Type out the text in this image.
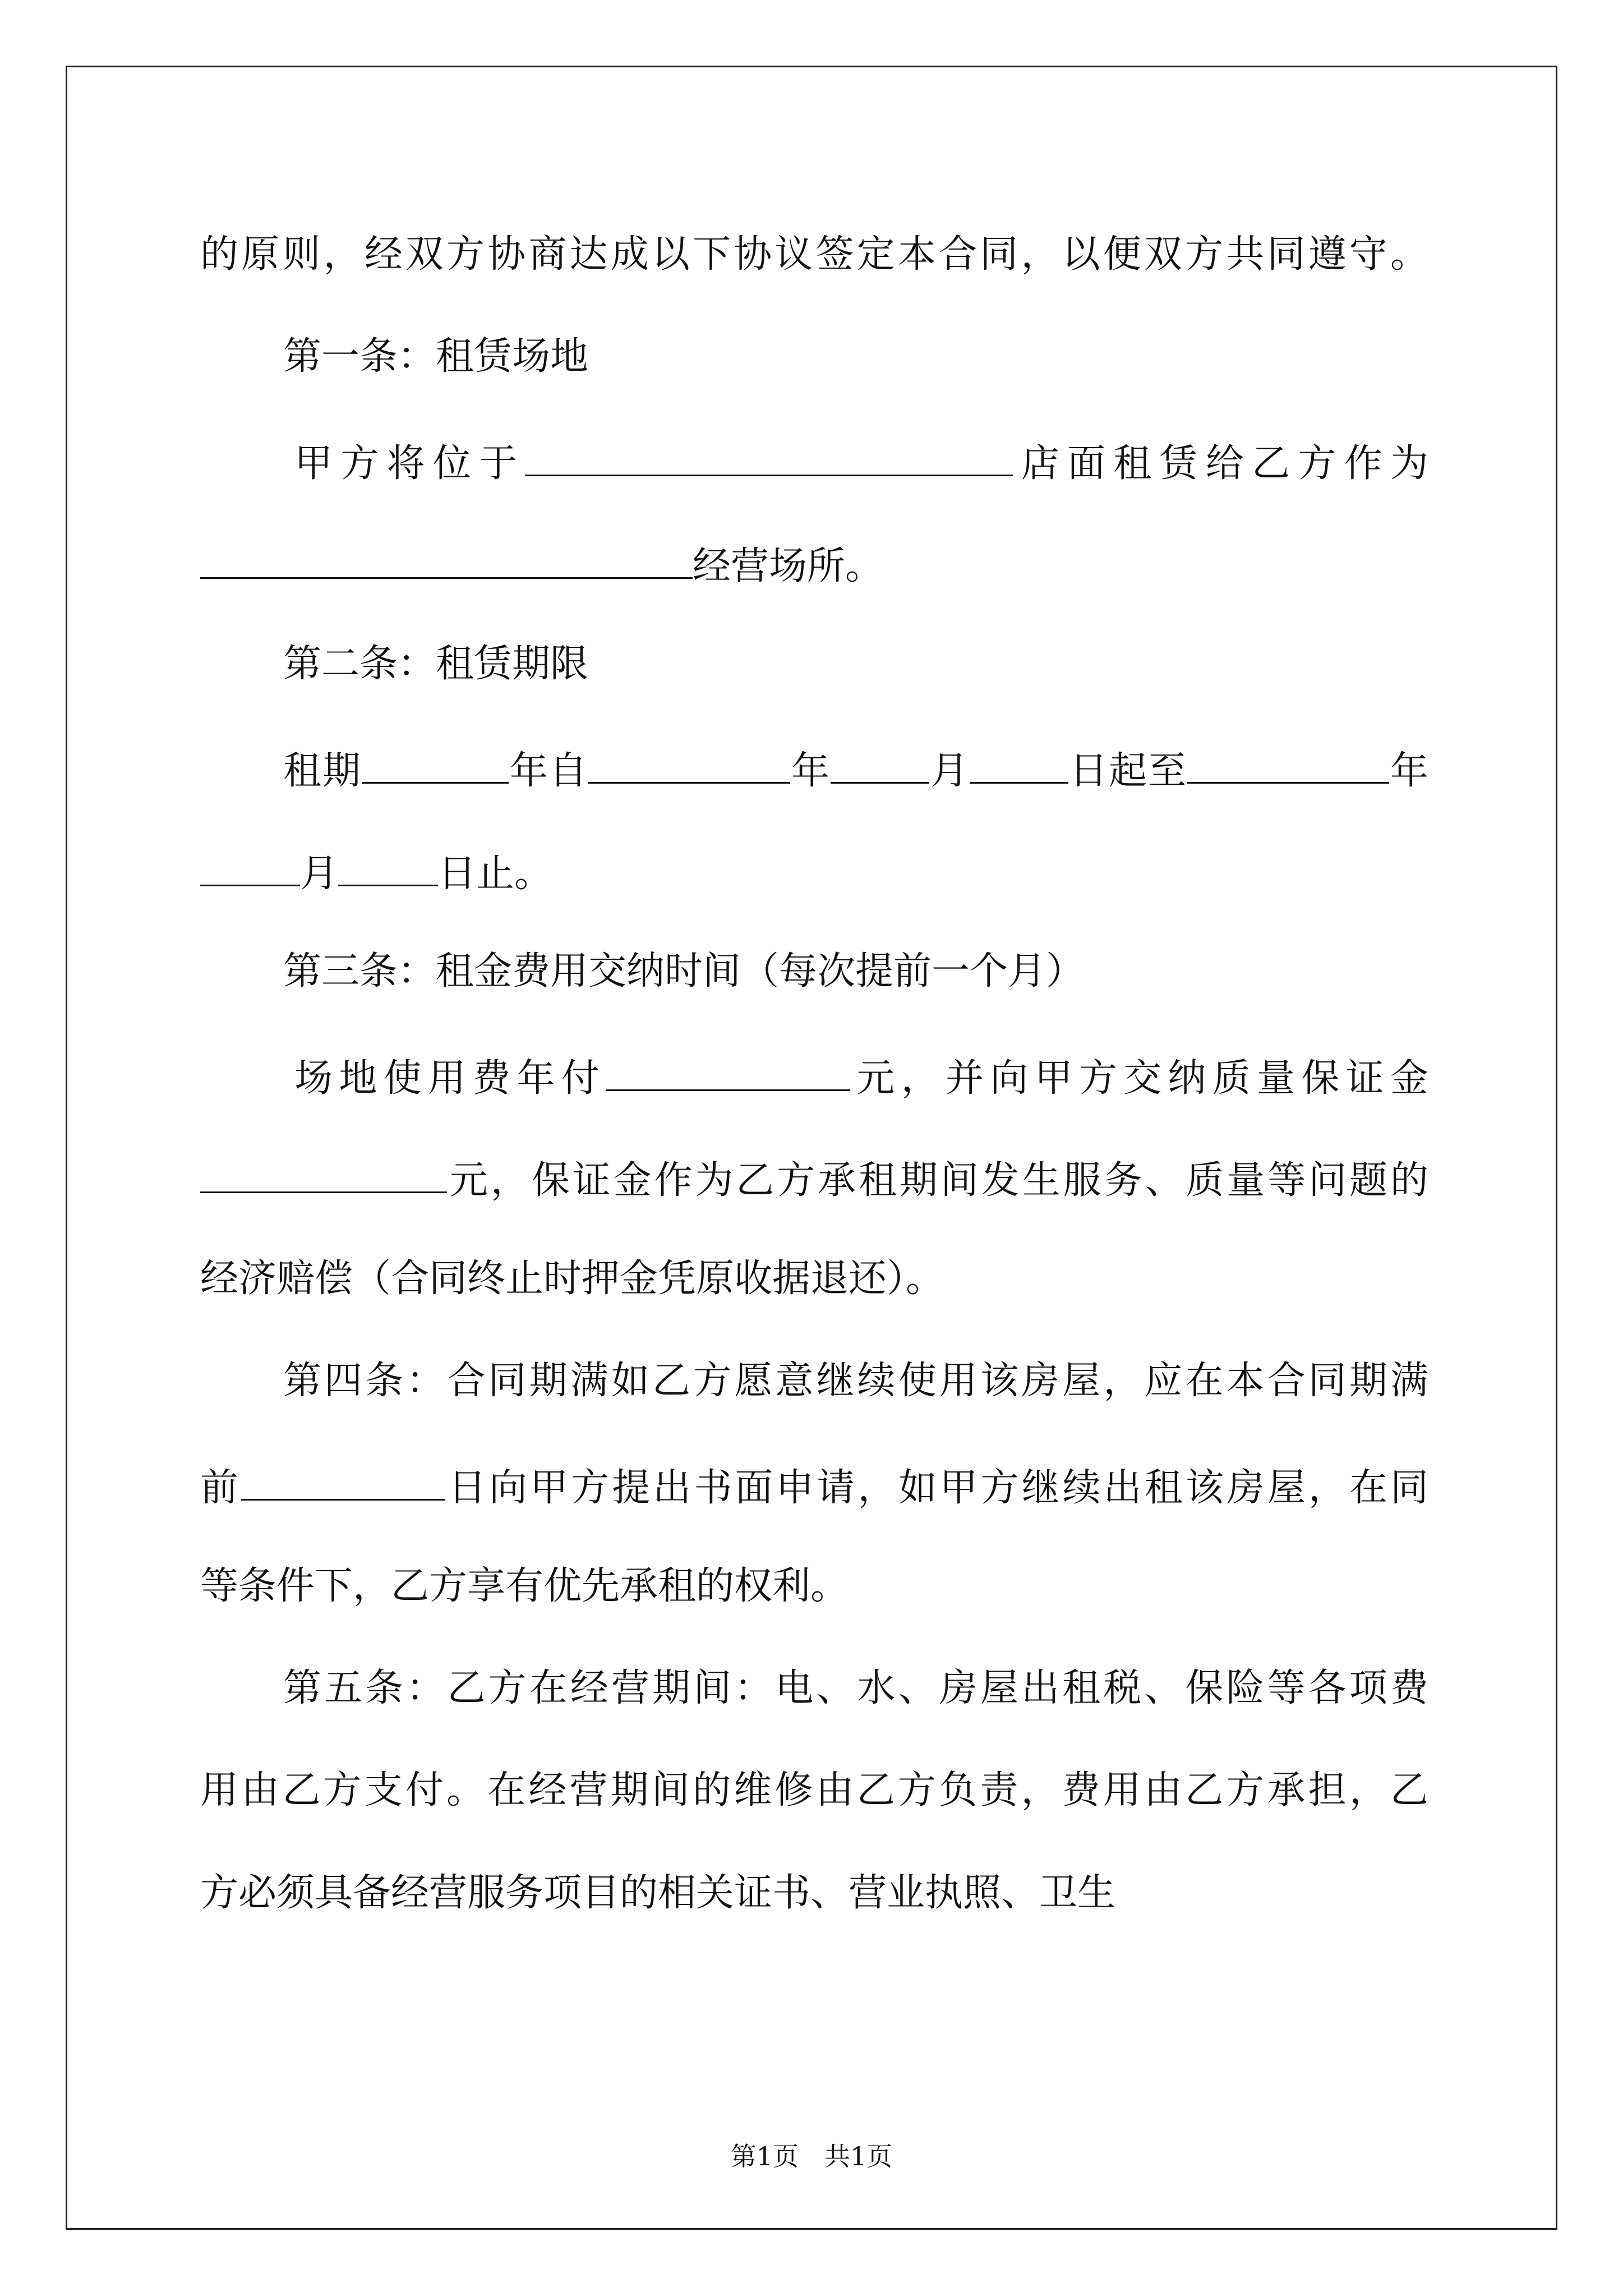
的原则，经双方协商达成以下协议签定本合同，以便双方共同遵守。
第一条：租赁场地
甲方将位于	店面租赁给乙方作为
经营场所。
第二条：租赁期限
租期	年自	年	月	日起至	年
月	日止。
第三条：租金费用交纳时间（每次提前一个月）
场地使用费年付	元，并向甲方交纳质量保证金
元，保证金作为乙方承租期间发生服务、质量等问题的
经济赔偿（合同终止时押金凭原收据退还）。
第四条：合同期满如乙方愿意继续使用该房屋，应在本合同期满
前	日向甲方提出书面申请，如甲方继续出租该房屋，在同
等条件下，乙方享有优先承租的权利。
第五条：乙方在经营期间：电、水、房屋出租税、保险等各项费
用由乙方支付。在经营期间的维修由乙方负责，费用由乙方承担，乙
方必须具备经营服务项目的相关证书、营业执照、卫生
第1页　共1页
